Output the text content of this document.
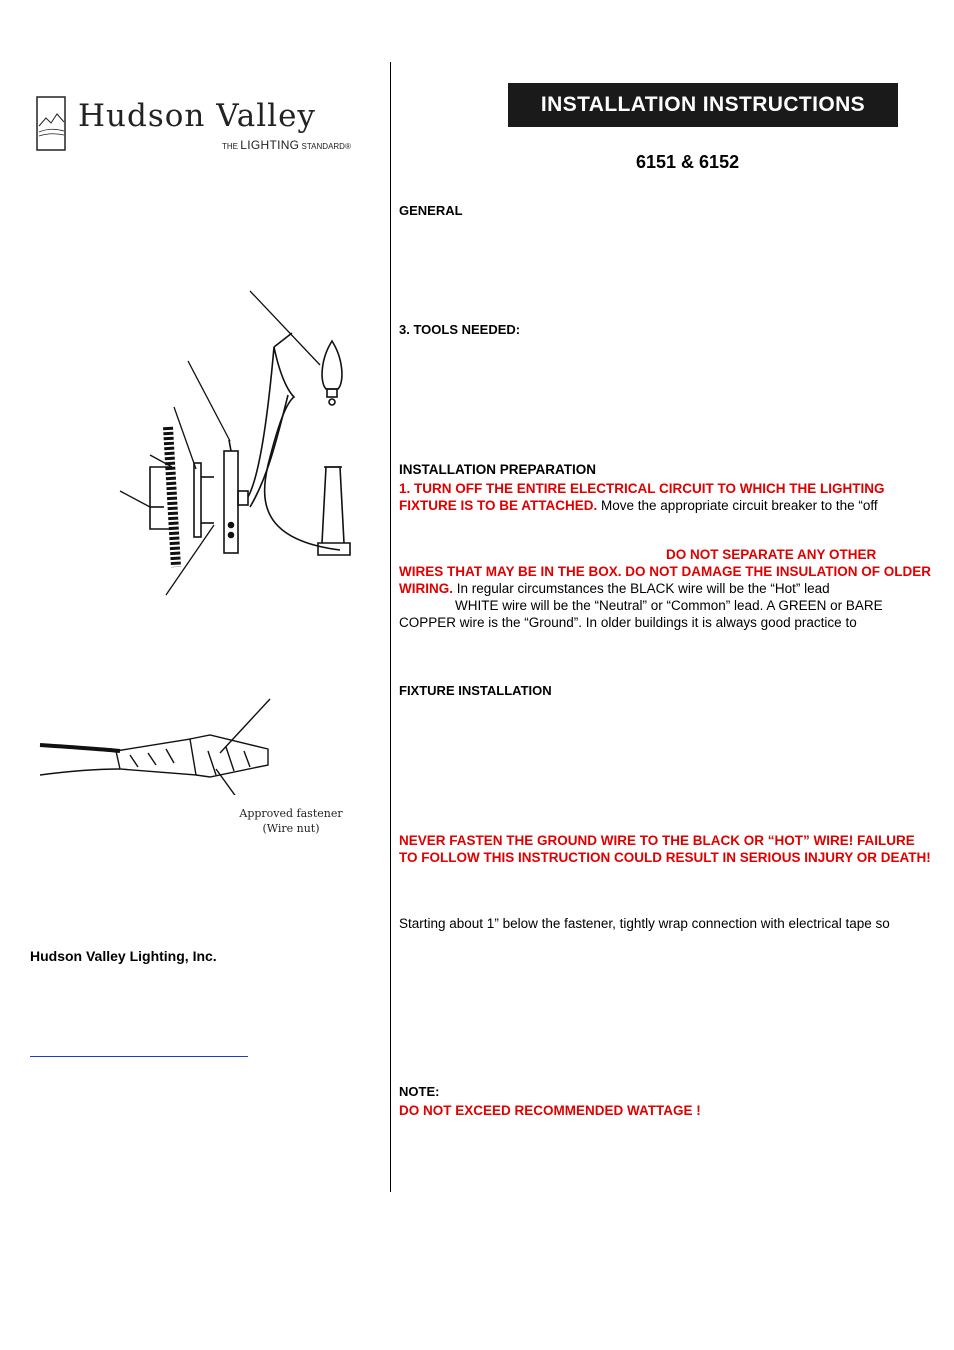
Hudson Valley
THE LIGHTING STANDARD®
INSTALLATION INSTRUCTIONS
6151 & 6152
GENERAL
3. TOOLS NEEDED:
INSTALLATION PREPARATION
1. TURN OFF THE ENTIRE ELECTRICAL CIRCUIT TO WHICH THE LIGHTING FIXTURE IS TO BE ATTACHED. Move the appropriate circuit breaker to the “off
DO NOT SEPARATE ANY OTHER
WIRES THAT MAY BE IN THE BOX. DO NOT DAMAGE THE INSULATION OF OLDER WIRING. In regular circumstances the BLACK wire will be the “Hot” lead
WHITE wire will be the “Neutral” or “Common” lead. A GREEN or BARE COPPER wire is the “Ground”. In older buildings it is always good practice to
FIXTURE INSTALLATION
NEVER FASTEN THE GROUND WIRE TO THE BLACK OR “HOT” WIRE! FAILURE TO FOLLOW THIS INSTRUCTION COULD RESULT IN SERIOUS INJURY OR DEATH!
Starting about 1” below the fastener, tightly wrap connection with electrical tape so
NOTE:
DO NOT EXCEED RECOMMENDED WATTAGE !
Approved fastener
(Wire nut)
Hudson Valley Lighting, Inc.
